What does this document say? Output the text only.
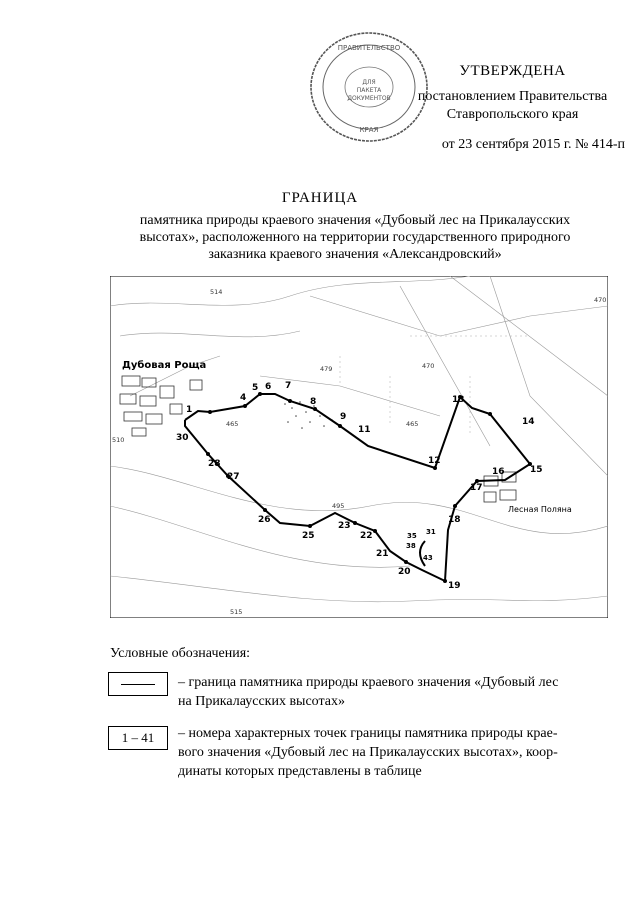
ПРАВИТЕЛЬСТВО
КРАЯ
ДЛЯ
ПАКЕТА
ДОКУМЕНТОВ
УТВЕРЖДЕНА
постановлением Правительства
Ставропольского края
от 23 сентября 2015 г. № 414-п
ГРАНИЦА
памятника природы краевого значения «Дубовый лес на Прикалаусских
высотах», расположенного на территории государственного природного
заказника краевого значения «Александровский»
Дубовая Роща
Лесная Поляна
514
470
470
479
465
465
510
515
495
1
4
5 6 7
8
9
11
12
13
14
15
16
17
18
19
20
21
22
23
25
26
27
28
30
31
35
38
43
Условные обозначения:
– граница памятника природы краевого значения «Дубовый лес
на Прикалаусских высотах»
1 – 41	– номера характерных точек границы памятника природы крае-
вого значения «Дубовый лес на Прикалаусских высотах», коор-
динаты которых представлены в таблице
